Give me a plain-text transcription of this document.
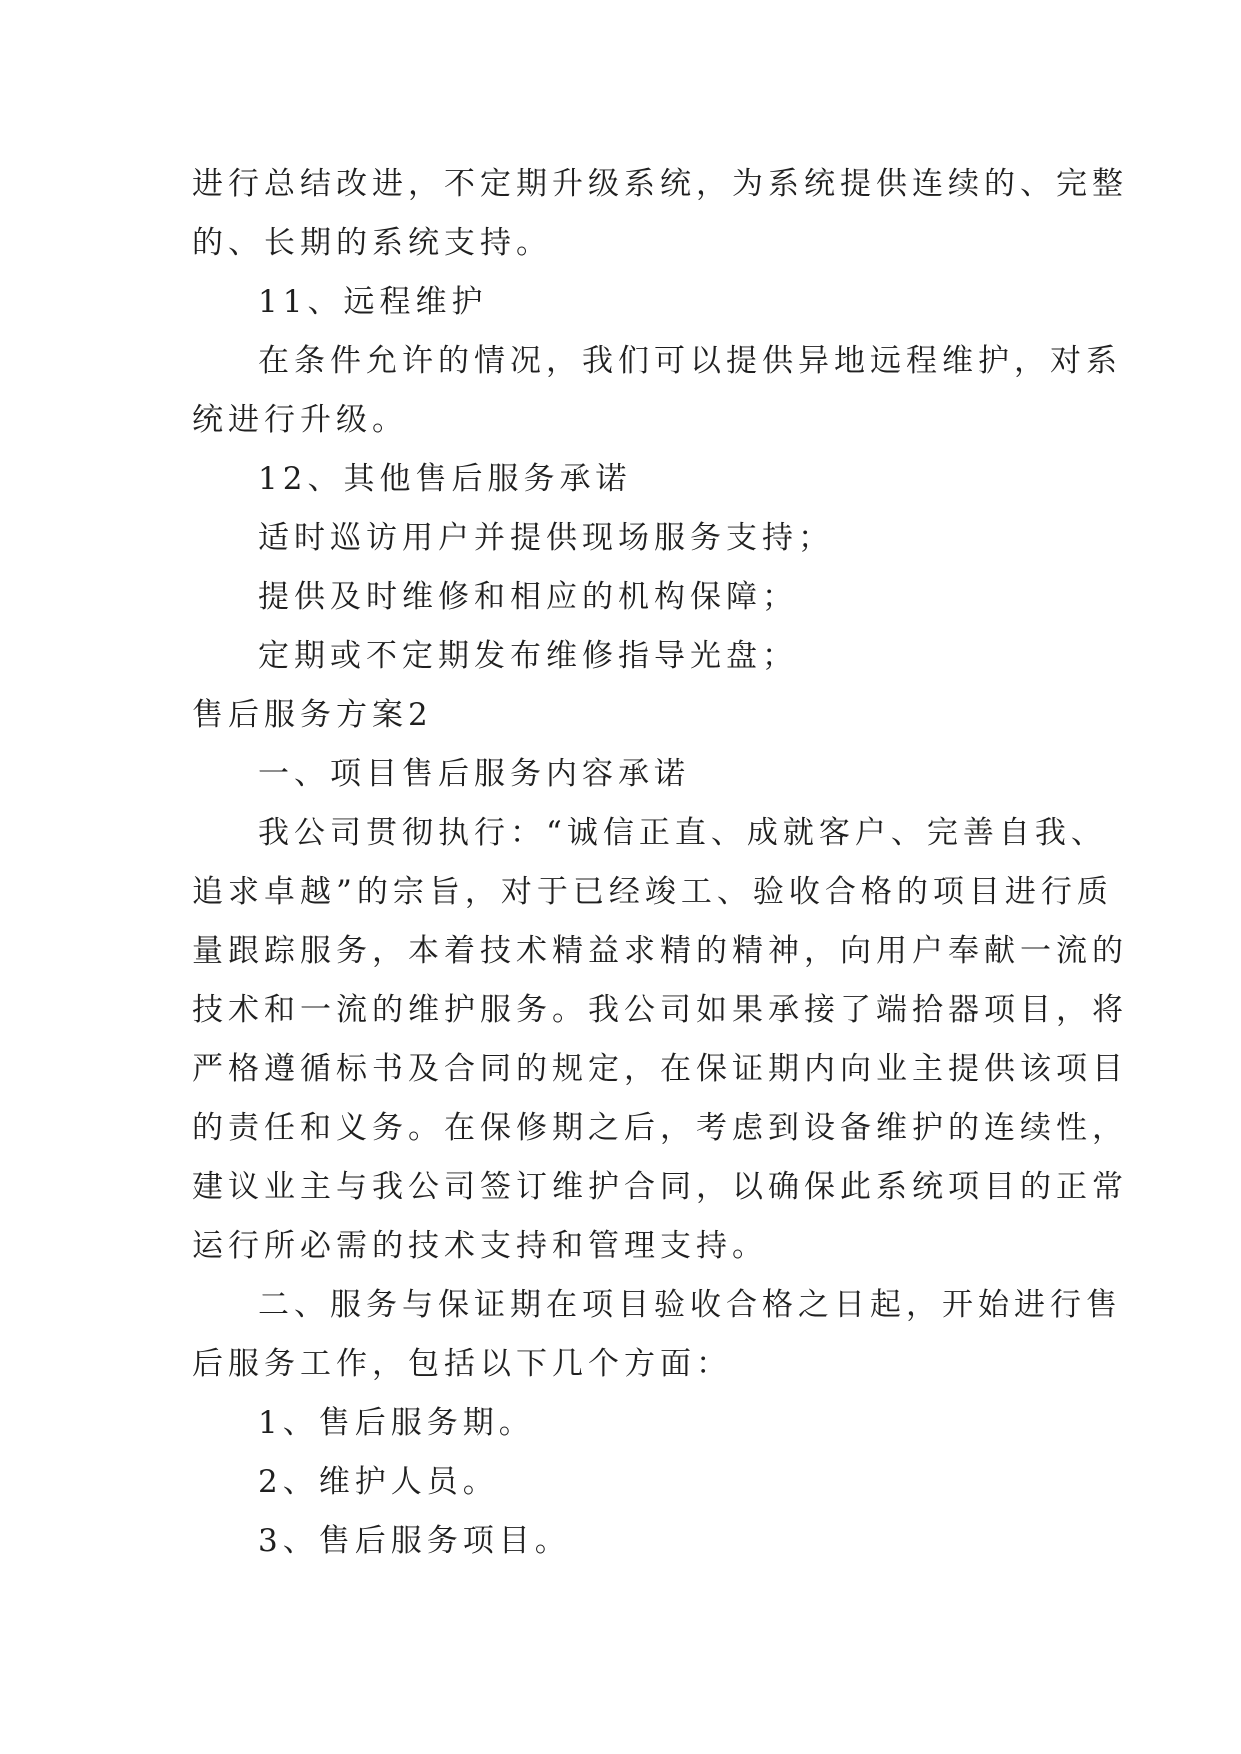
进行总结改进，不定期升级系统，为系统提供连续的、完整

的、长期的系统支持。

11、远程维护

在条件允许的情况，我们可以提供异地远程维护，对系

统进行升级。

12、其他售后服务承诺

适时巡访用户并提供现场服务支持；

提供及时维修和相应的机构保障；

定期或不定期发布维修指导光盘；

售后服务方案2

一、项目售后服务内容承诺

我公司贯彻执行：“诚信正直、成就客户、完善自我、

追求卓越”的宗旨，对于已经竣工、验收合格的项目进行质

量跟踪服务，本着技术精益求精的精神，向用户奉献一流的

技术和一流的维护服务。我公司如果承接了端拾器项目，将

严格遵循标书及合同的规定，在保证期内向业主提供该项目

的责任和义务。在保修期之后，考虑到设备维护的连续性，

建议业主与我公司签订维护合同，以确保此系统项目的正常

运行所必需的技术支持和管理支持。

二、服务与保证期在项目验收合格之日起，开始进行售

后服务工作，包括以下几个方面：

1、售后服务期。

2、维护人员。

3、售后服务项目。
